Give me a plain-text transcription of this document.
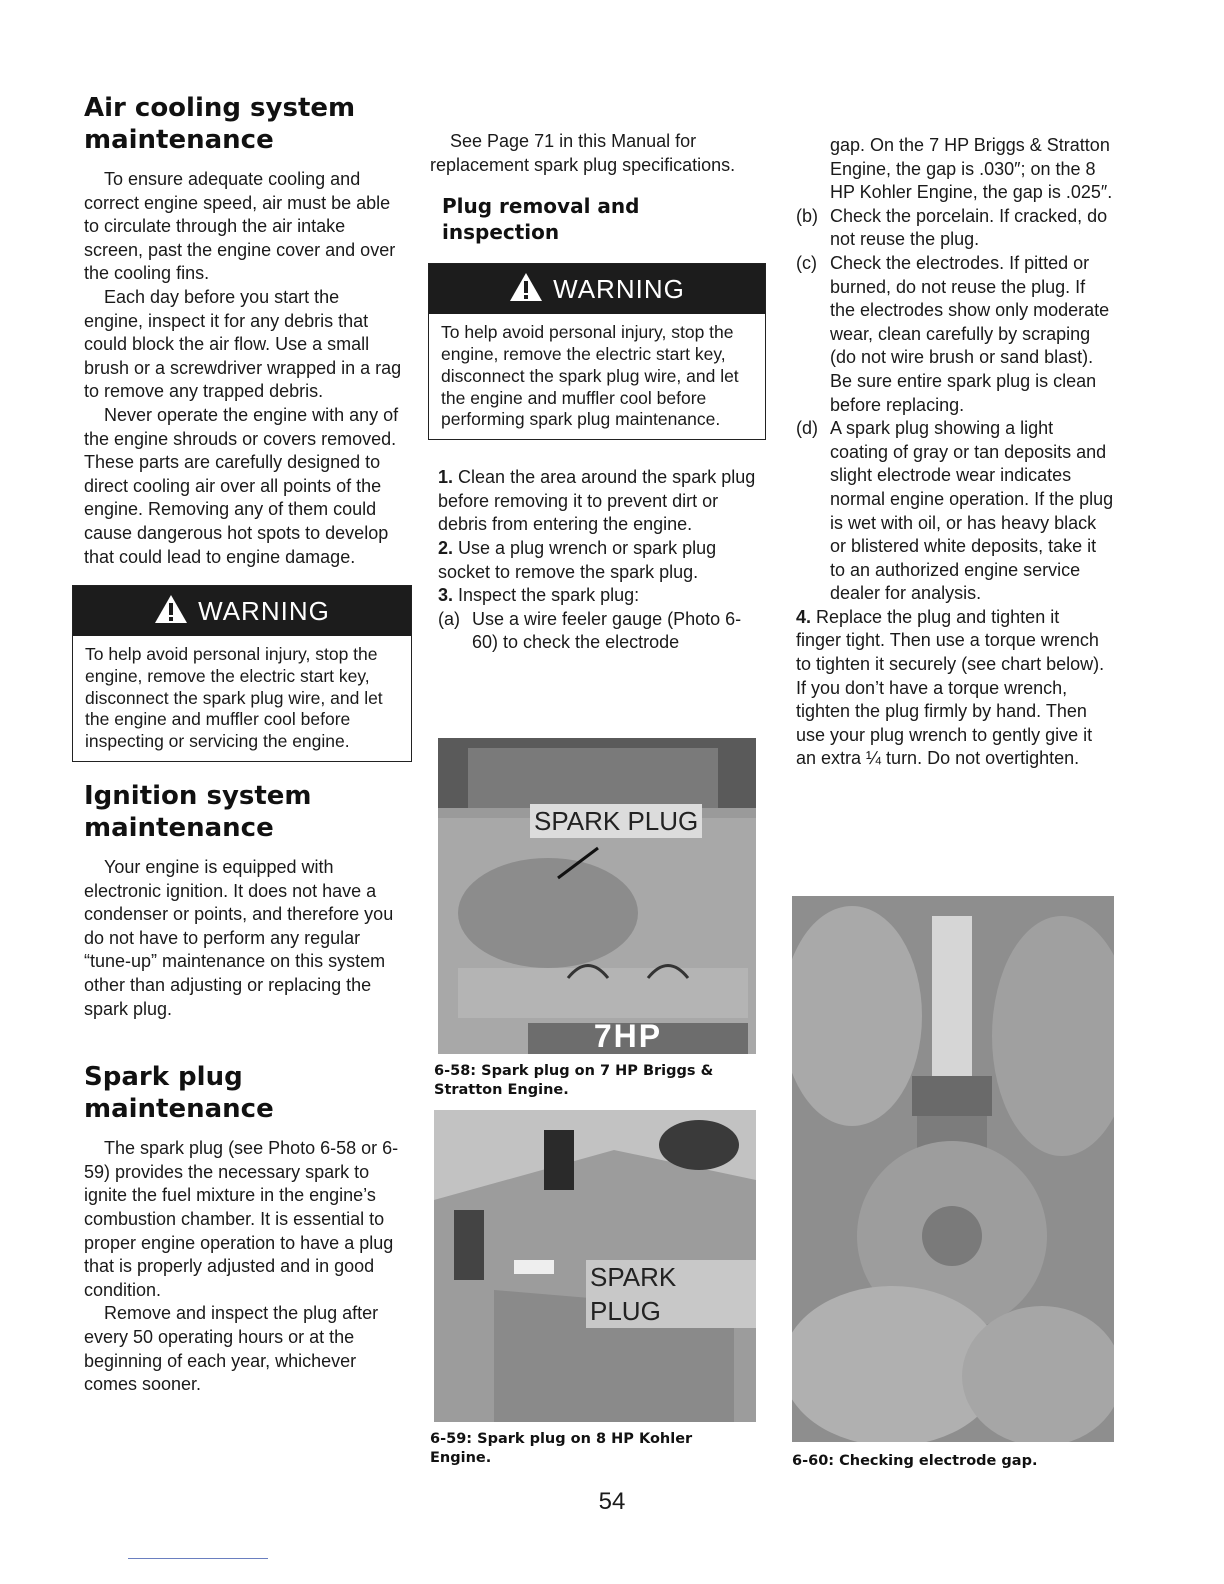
Air cooling system maintenance

To ensure adequate cooling and correct engine speed, air must be able to circulate through the air intake screen, past the engine cover and over the cooling fins.

Each day before you start the engine, inspect it for any debris that could block the air flow. Use a small brush or a screwdriver wrapped in a rag to remove any trapped debris.

Never operate the engine with any of the engine shrouds or covers removed. These parts are carefully designed to direct cooling air over all points of the engine. Removing any of them could cause dangerous hot spots to develop that could lead to engine damage.

WARNING
To help avoid personal injury, stop the engine, remove the electric start key, disconnect the spark plug wire, and let the engine and muffler cool before inspecting or servicing the engine.
Ignition system maintenance

Your engine is equipped with electronic ignition. It does not have a condenser or points, and therefore you do not have to perform any regular “tune-up” maintenance on this system other than adjusting or replacing the spark plug.

Spark plug maintenance

The spark plug (see Photo 6-58 or 6-59) provides the necessary spark to ignite the fuel mixture in the engine’s combustion chamber. It is essential to proper engine operation to have a plug that is properly adjusted and in good condition.

Remove and inspect the plug after every 50 operating hours or at the beginning of each year, whichever comes sooner.

See Page 71 in this Manual for replacement spark plug specifications.

Plug removal and inspection
WARNING
To help avoid personal injury, stop the engine, remove the electric start key, disconnect the spark plug wire, and let the engine and muffler cool before performing spark plug maintenance.

1. Clean the area around the spark plug before removing it to prevent dirt or debris from entering the engine.

2. Use a plug wrench or spark plug socket to remove the spark plug.

3. Inspect the spark plug:

(a) Use a wire feeler gauge (Photo 6-60) to check the electrode
SPARK PLUG
7HP
6-58: Spark plug on 7 HP Briggs & Stratton Engine.
SPARK PLUG
6-59: Spark plug on 8 HP Kohler Engine.
gap. On the 7 HP Briggs & Stratton Engine, the gap is .030″; on the 8 HP Kohler Engine, the gap is .025″.
(b) Check the porcelain. If cracked, do not reuse the plug.
(c) Check the electrodes. If pitted or burned, do not reuse the plug. If the electrodes show only moderate wear, clean carefully by scraping (do not wire brush or sand blast). Be sure entire spark plug is clean before replacing.
(d) A spark plug showing a light coating of gray or tan deposits and slight electrode wear indicates normal engine operation. If the plug is wet with oil, or has heavy black or blistered white deposits, take it to an authorized engine service dealer for analysis.

4. Replace the plug and tighten it finger tight. Then use a torque wrench to tighten it securely (see chart below). If you don’t have a torque wrench, tighten the plug firmly by hand. Then use your plug wrench to gently give it an extra ¼ turn. Do not overtighten.

6-60: Checking electrode gap.
54
